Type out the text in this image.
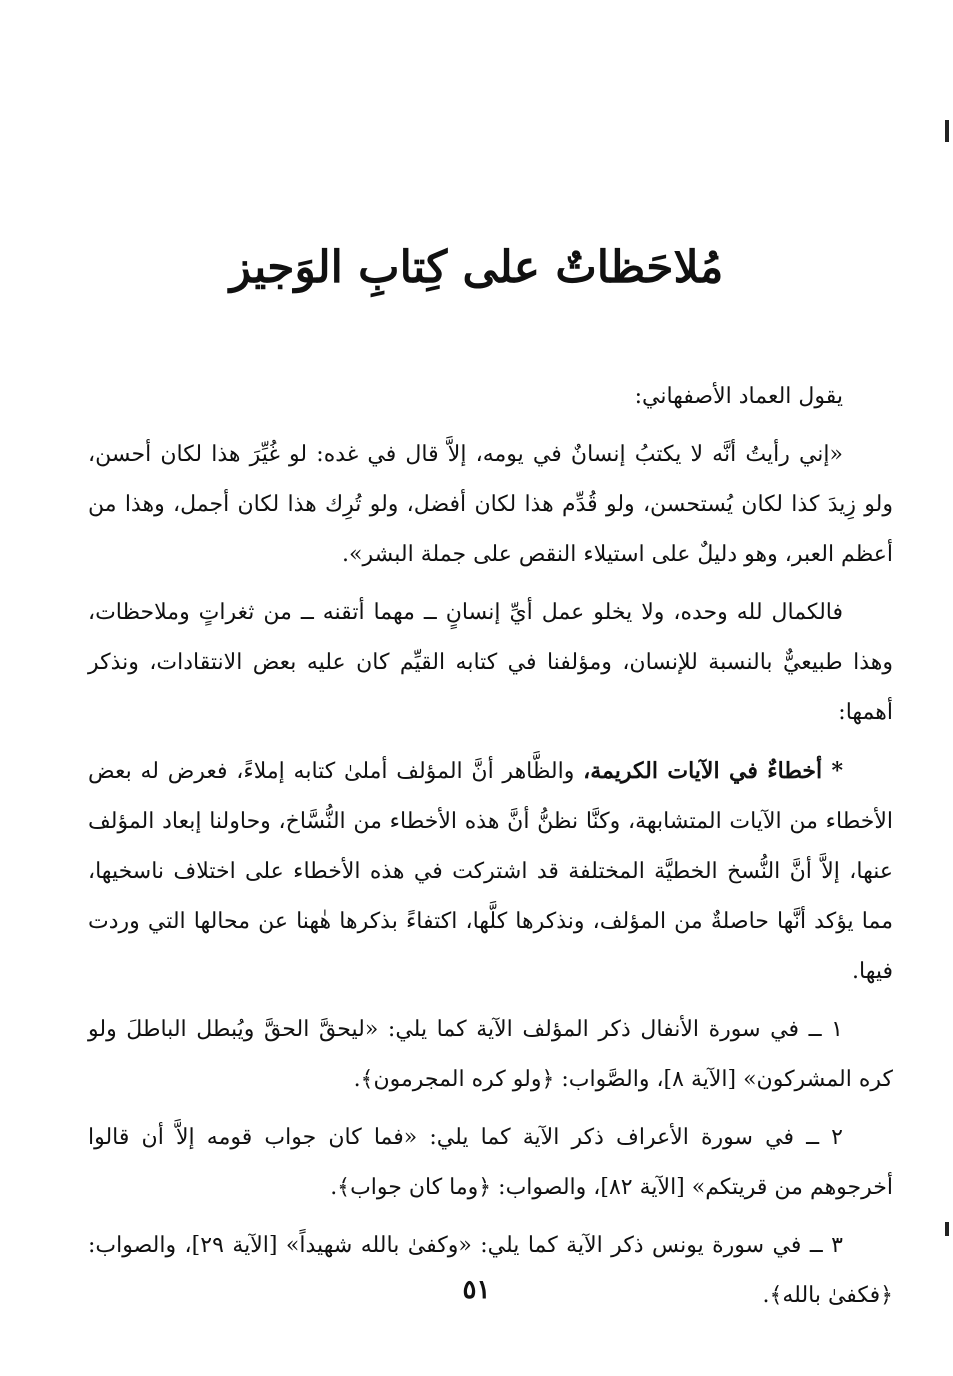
مُلاحَظاتٌ على كِتابِ الوَجيز

يقول العماد الأصفهاني:

«إني رأيتُ أنَّه لا يكتبُ إنسانٌ في يومه، إلاَّ قال في غده: لو غُيِّرَ هذا لكان أحسن، ولو زِيدَ كذا لكان يُستحسن، ولو قُدِّم هذا لكان أفضل، ولو تُرِك هذا لكان أجمل، وهذا من أعظم العبر، وهو دليلٌ على استيلاء النقص على جملة البشر».

فالكمال لله وحده، ولا يخلو عمل أيِّ إنسانٍ ــ مهما أتقنه ــ من ثغراتٍ وملاحظات، وهذا طبيعيٌّ بالنسبة للإنسان، ومؤلفنا في كتابه القيِّم كان عليه بعض الانتقادات، ونذكر أهمها:

* أخطاءٌ في الآيات الكريمة، والظَّاهر أنَّ المؤلف أملىٰ كتابه إملاءً، فعرض له بعض الأخطاء من الآيات المتشابهة، وكنَّا نظنُّ أنَّ هذه الأخطاء من النُّسَّاخ، وحاولنا إبعاد المؤلف عنها، إلاَّ أنَّ النُّسخ الخطيَّة المختلفة قد اشتركت في هذه الأخطاء على اختلاف ناسخيها، مما يؤكد أنَّها حاصلةٌ من المؤلف، ونذكرها كلَّها، اكتفاءً بذكرها هٰهنا عن محالها التي وردت فيها.

١ ــ في سورة الأنفال ذكر المؤلف الآية كما يلي: «ليحقَّ الحقَّ ويُبطل الباطلَ ولو كره المشركون» [الآية ٨]، والصَّواب: ﴿ولو كره المجرمون﴾.

٢ ــ في سورة الأعراف ذكر الآية كما يلي: «فما كان جواب قومه إلاَّ أن قالوا أخرجوهم من قريتكم» [الآية ٨٢]، والصواب: ﴿وما كان جواب﴾.

٣ ــ في سورة يونس ذكر الآية كما يلي: «وكفىٰ بالله شهيداً» [الآية ٢٩]، والصواب: ﴿فكفىٰ بالله﴾.

٥١
